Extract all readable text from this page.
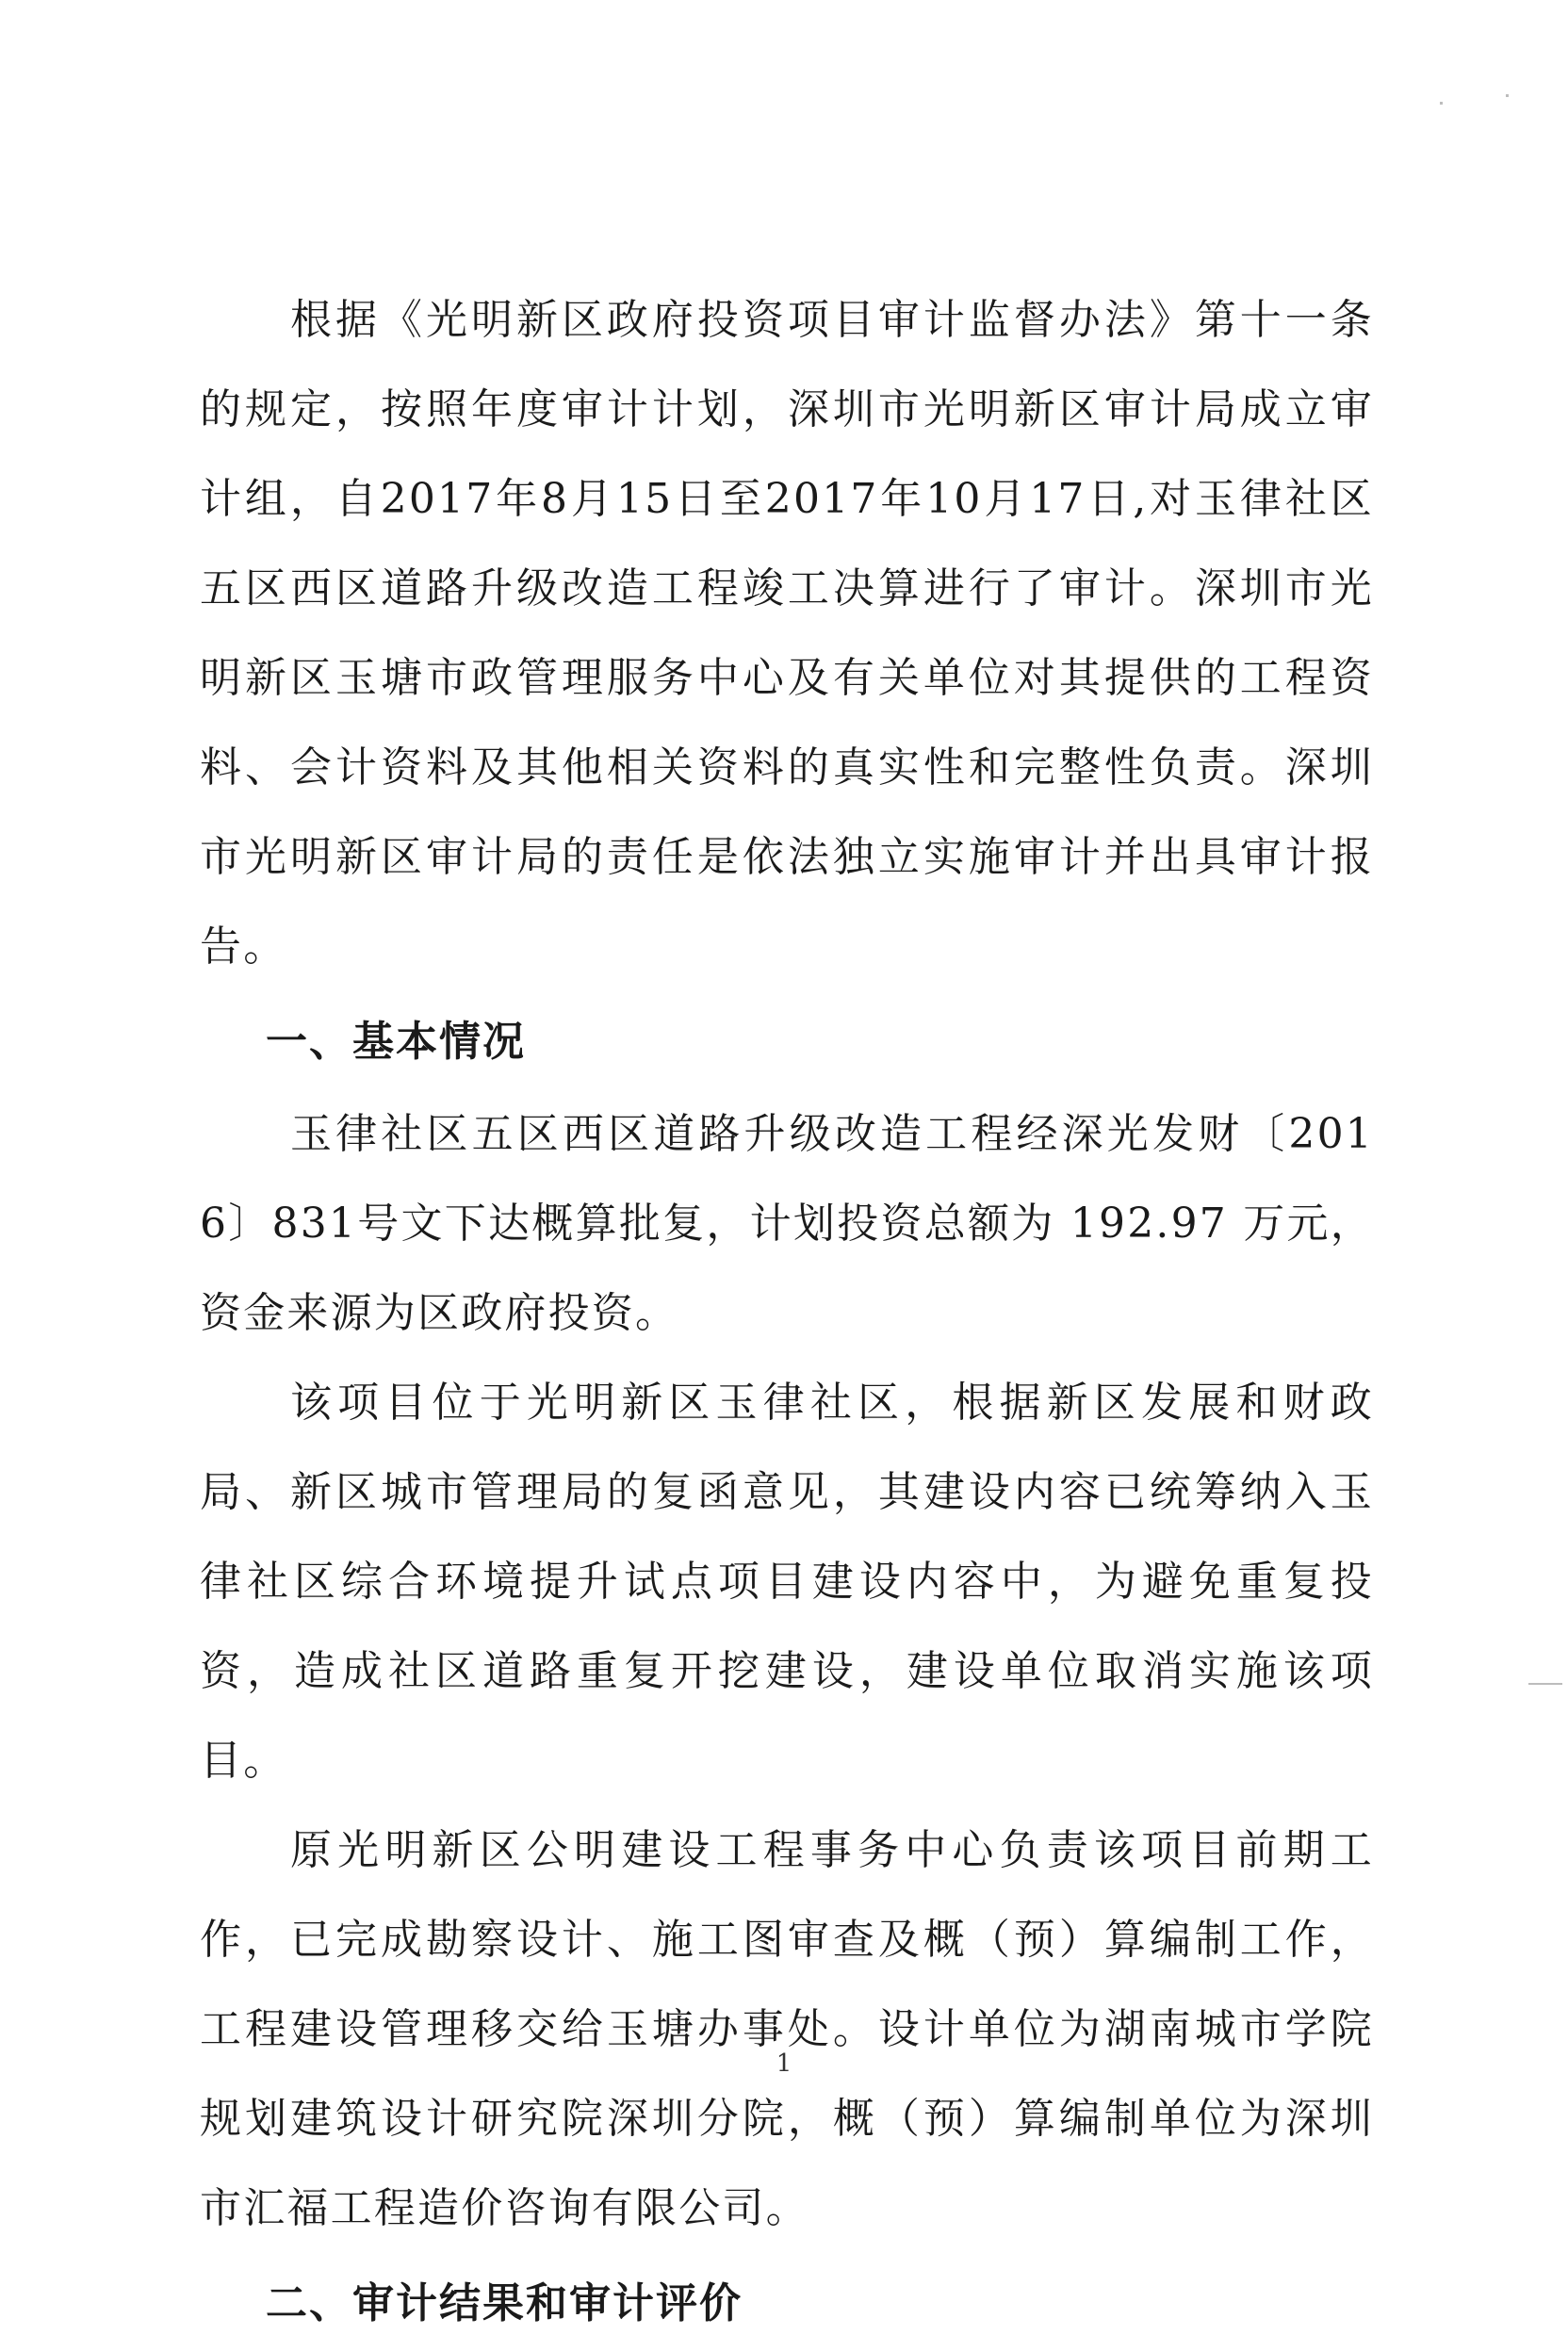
根据《光明新区政府投资项目审计监督办法》第十一条的规定，按照年度审计计划，深圳市光明新区审计局成立审计组，自2017年8月15日至2017年10月17日,对玉律社区五区西区道路升级改造工程竣工决算进行了审计。深圳市光明新区玉塘市政管理服务中心及有关单位对其提供的工程资料、会计资料及其他相关资料的真实性和完整性负责。深圳市光明新区审计局的责任是依法独立实施审计并出具审计报告。

一、基本情况

玉律社区五区西区道路升级改造工程经深光发财〔2016〕831号文下达概算批复，计划投资总额为 192.97 万元，资金来源为区政府投资。

该项目位于光明新区玉律社区，根据新区发展和财政局、新区城市管理局的复函意见，其建设内容已统筹纳入玉律社区综合环境提升试点项目建设内容中，为避免重复投资，造成社区道路重复开挖建设，建设单位取消实施该项目。

原光明新区公明建设工程事务中心负责该项目前期工作，已完成勘察设计、施工图审查及概（预）算编制工作，工程建设管理移交给玉塘办事处。设计单位为湖南城市学院规划建筑设计研究院深圳分院，概（预）算编制单位为深圳市汇福工程造价咨询有限公司。

二、审计结果和审计评价
1
